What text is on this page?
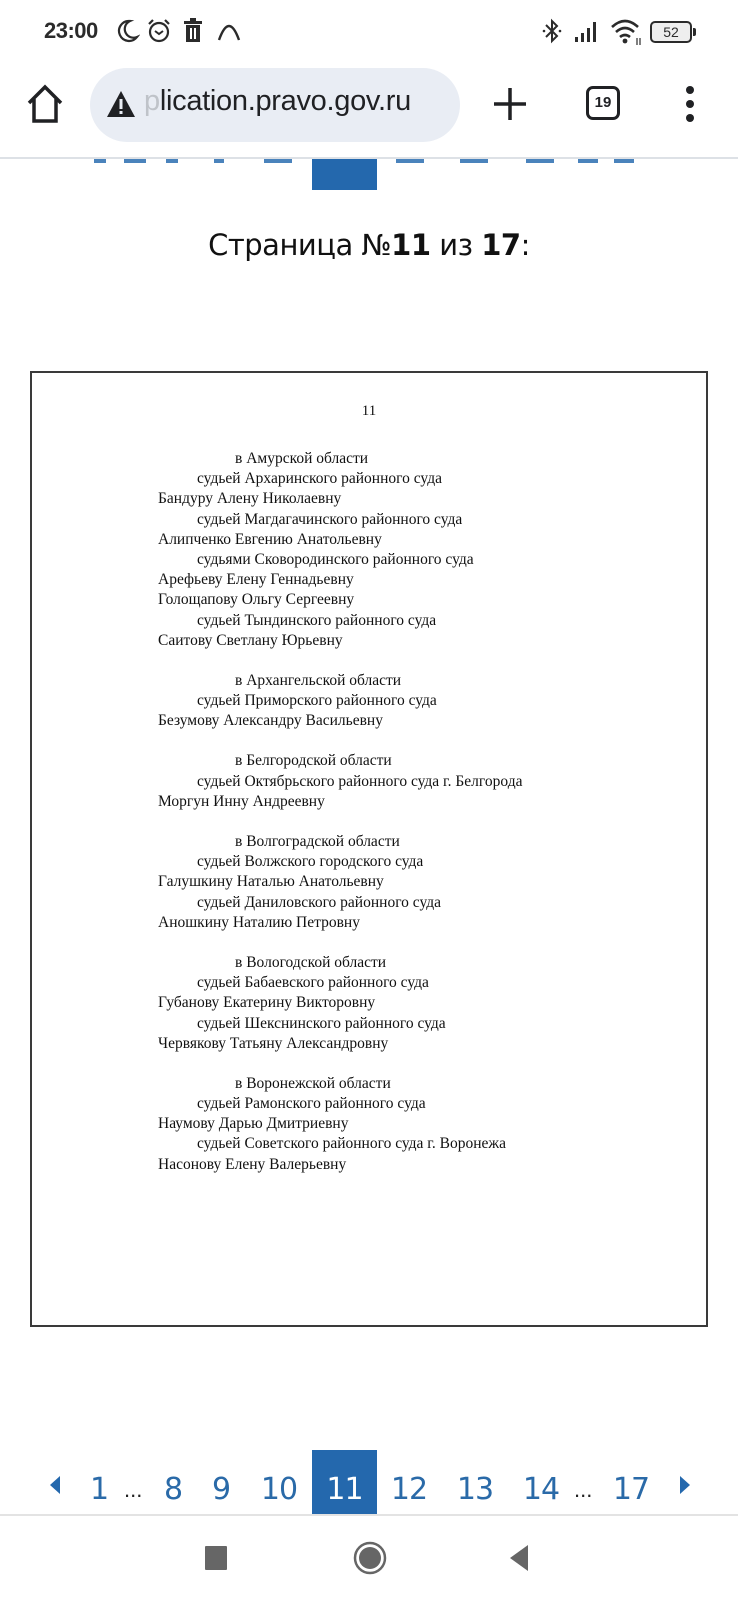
23:00	52
plication.pravo.gov.ru	19
Страница №11 из 17:
11
в Амурской области
судьей Архаринского районного суда
Бандуру Алену Николаевну
судьей Магдагачинского районного суда
Алипченко Евгению Анатольевну
судьями Сковородинского районного суда
Арефьеву Елену Геннадьевну
Голощапову Ольгу Сергеевну
судьей Тындинского районного суда
Саитову Светлану Юрьевну
в Архангельской области
судьей Приморского районного суда
Безумову Александру Васильевну
в Белгородской области
судьей Октябрьского районного суда г. Белгорода
Моргун Инну Андреевну
в Волгоградской области
судьей Волжского городского суда
Галушкину Наталью Анатольевну
судьей Даниловского районного суда
Аношкину Наталию Петровну
в Вологодской области
судьей Бабаевского районного суда
Губанову Екатерину Викторовну
судьей Шекснинского районного суда
Червякову Татьяну Александровну
в Воронежской области
судьей Рамонского районного суда
Наумову Дарью Дмитриевну
судьей Советского районного суда г. Воронежа
Насонову Елену Валерьевну
1 ... 8 9 10 11 12 13 14 ... 17
